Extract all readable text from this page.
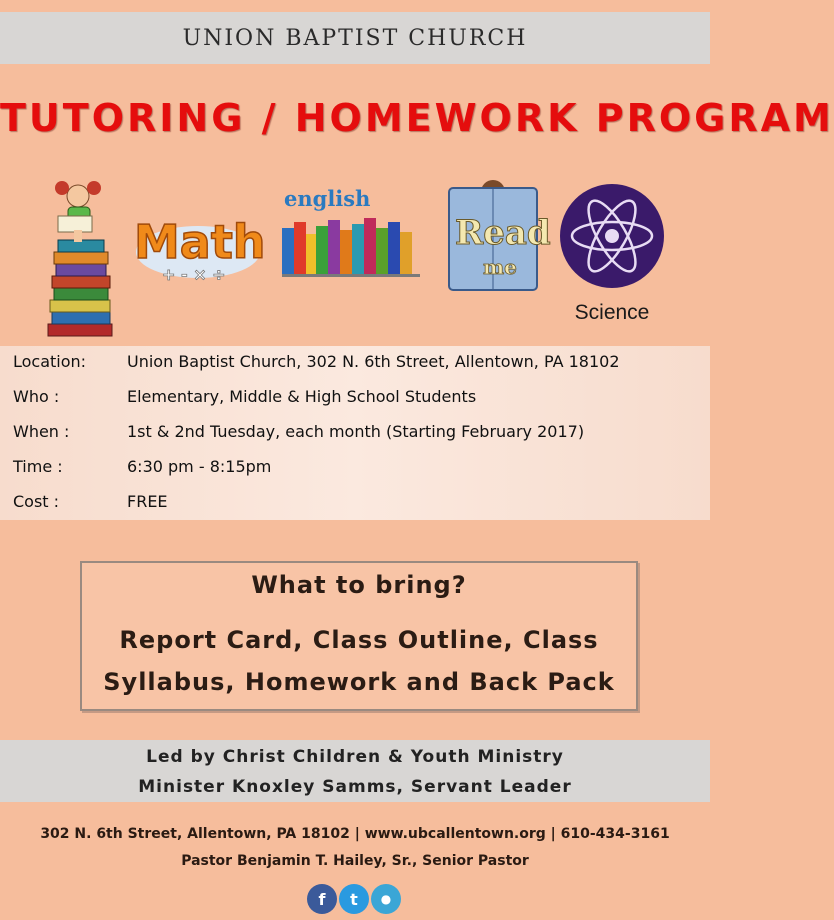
UNION BAPTIST CHURCH
TUTORING / HOMEWORK PROGRAM
Math
+ - × ÷
english
Read
me
Science
Location:	Union Baptist Church, 302 N. 6th Street, Allentown, PA 18102
Who :	Elementary, Middle & High School Students
When :	1st & 2nd Tuesday, each month (Starting February 2017)
Time :	6:30 pm - 8:15pm
Cost :	FREE
What to bring?
Report Card, Class Outline, Class
Syllabus, Homework and Back Pack
Led by Christ Children & Youth Ministry
Minister Knoxley Samms, Servant Leader
302 N. 6th Street, Allentown, PA 18102 | www.ubcallentown.org | 610-434-3161
Pastor Benjamin T. Hailey, Sr., Senior Pastor
f	t	●
